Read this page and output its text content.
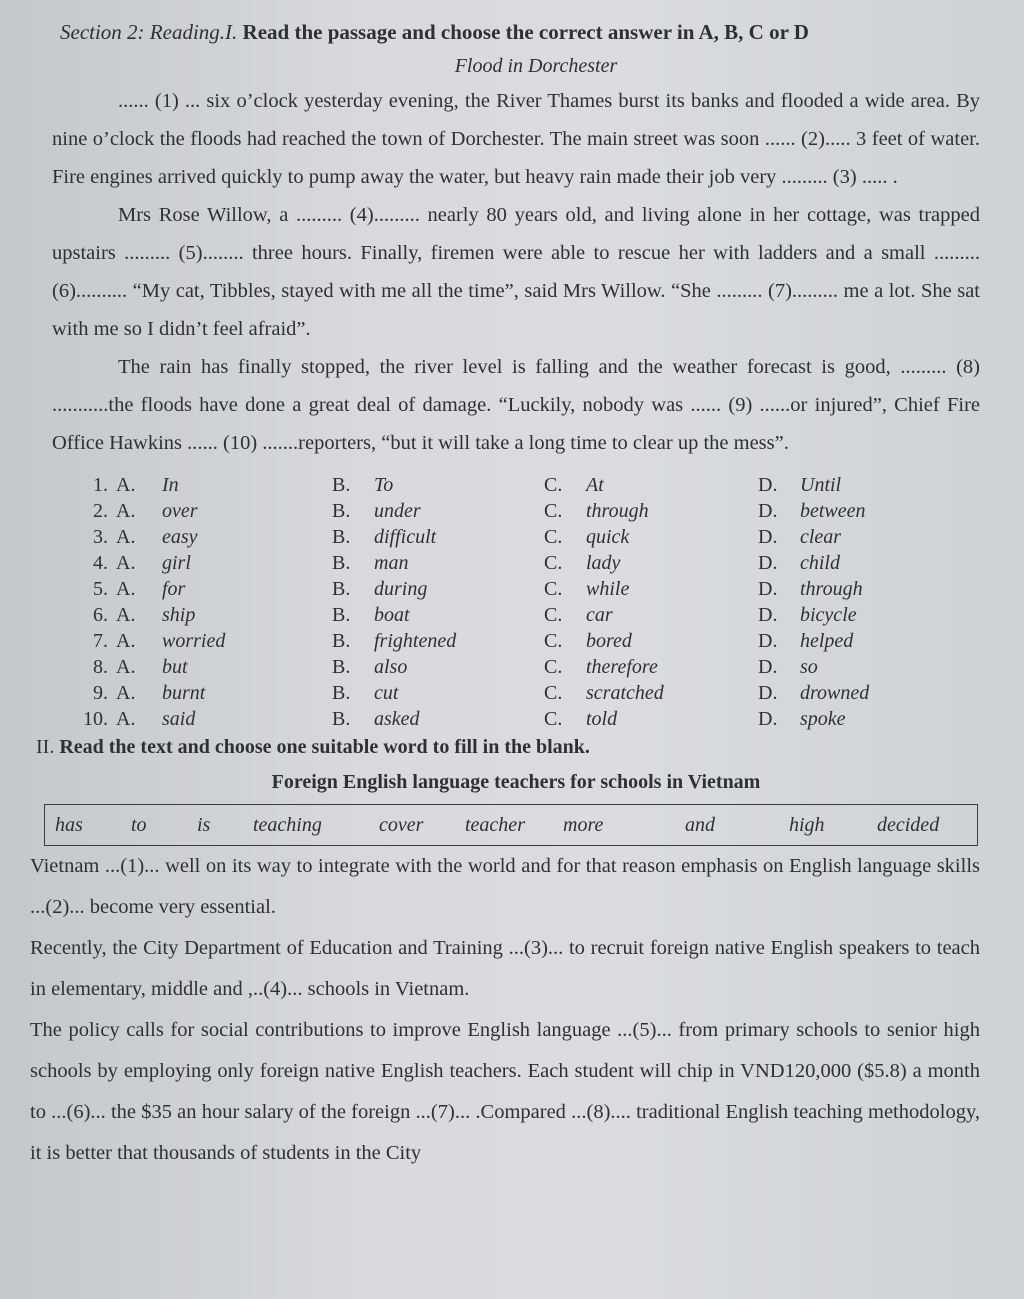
Section 2: Reading.I. Read the passage and choose the correct answer in A, B, C or D
Flood in Dorchester

...... (1) ... six o’clock yesterday evening, the River Thames burst its banks and flooded a wide area. By nine o’clock the floods had reached the town of Dorchester. The main street was soon ...... (2)..... 3 feet of water. Fire engines arrived quickly to pump away the water, but heavy rain made their job very ......... (3) ..... .

Mrs Rose Willow, a ......... (4)......... nearly 80 years old, and living alone in her cottage, was trapped upstairs ......... (5)........ three hours. Finally, firemen were able to rescue her with ladders and a small ......... (6).......... “My cat, Tibbles, stayed with me all the time”, said Mrs Willow. “She ......... (7)......... me a lot. She sat with me so I didn’t feel afraid”.

The rain has finally stopped, the river level is falling and the weather forecast is good, ......... (8) ...........the floods have done a great deal of damage. “Luckily, nobody was ...... (9) ......or injured”, Chief Fire Office Hawkins ...... (10) .......reporters, “but it will take a long time to clear up the mess”.

1. A.	In	B.	To	C.	At	D.	Until
2. A.	over	B.	under	C.	through	D.	between
3. A.	easy	B.	difficult	C.	quick	D.	clear
4. A.	girl	B.	man	C.	lady	D.	child
5. A.	for	B.	during	C.	while	D.	through
6. A.	ship	B.	boat	C.	car	D.	bicycle
7. A.	worried	B.	frightened	C.	bored	D.	helped
8. A.	but	B.	also	C.	therefore	D.	so
9. A.	burnt	B.	cut	C.	scratched	D.	drowned
10. A.	said	B.	asked	C.	told	D.	spoke
II. Read the text and choose one suitable word to fill in the blank.
Foreign English language teachers for schools in Vietnam
has	to	is	teaching	cover	teacher	more	and	high	decided

Vietnam ...(1)... well on its way to integrate with the world and for that reason emphasis on English language skills ...(2)... become very essential.

Recently, the City Department of Education and Training ...(3)... to recruit foreign native English speakers to teach in elementary, middle and ,..(4)... schools in Vietnam.

The policy calls for social contributions to improve English language ...(5)... from primary schools to senior high schools by employing only foreign native English teachers. Each student will chip in VND120,000 ($5.8) a month to ...(6)... the $35 an hour salary of the foreign ...(7)... .Compared ...(8).... traditional English teaching methodology, it is better that thousands of students in the City
